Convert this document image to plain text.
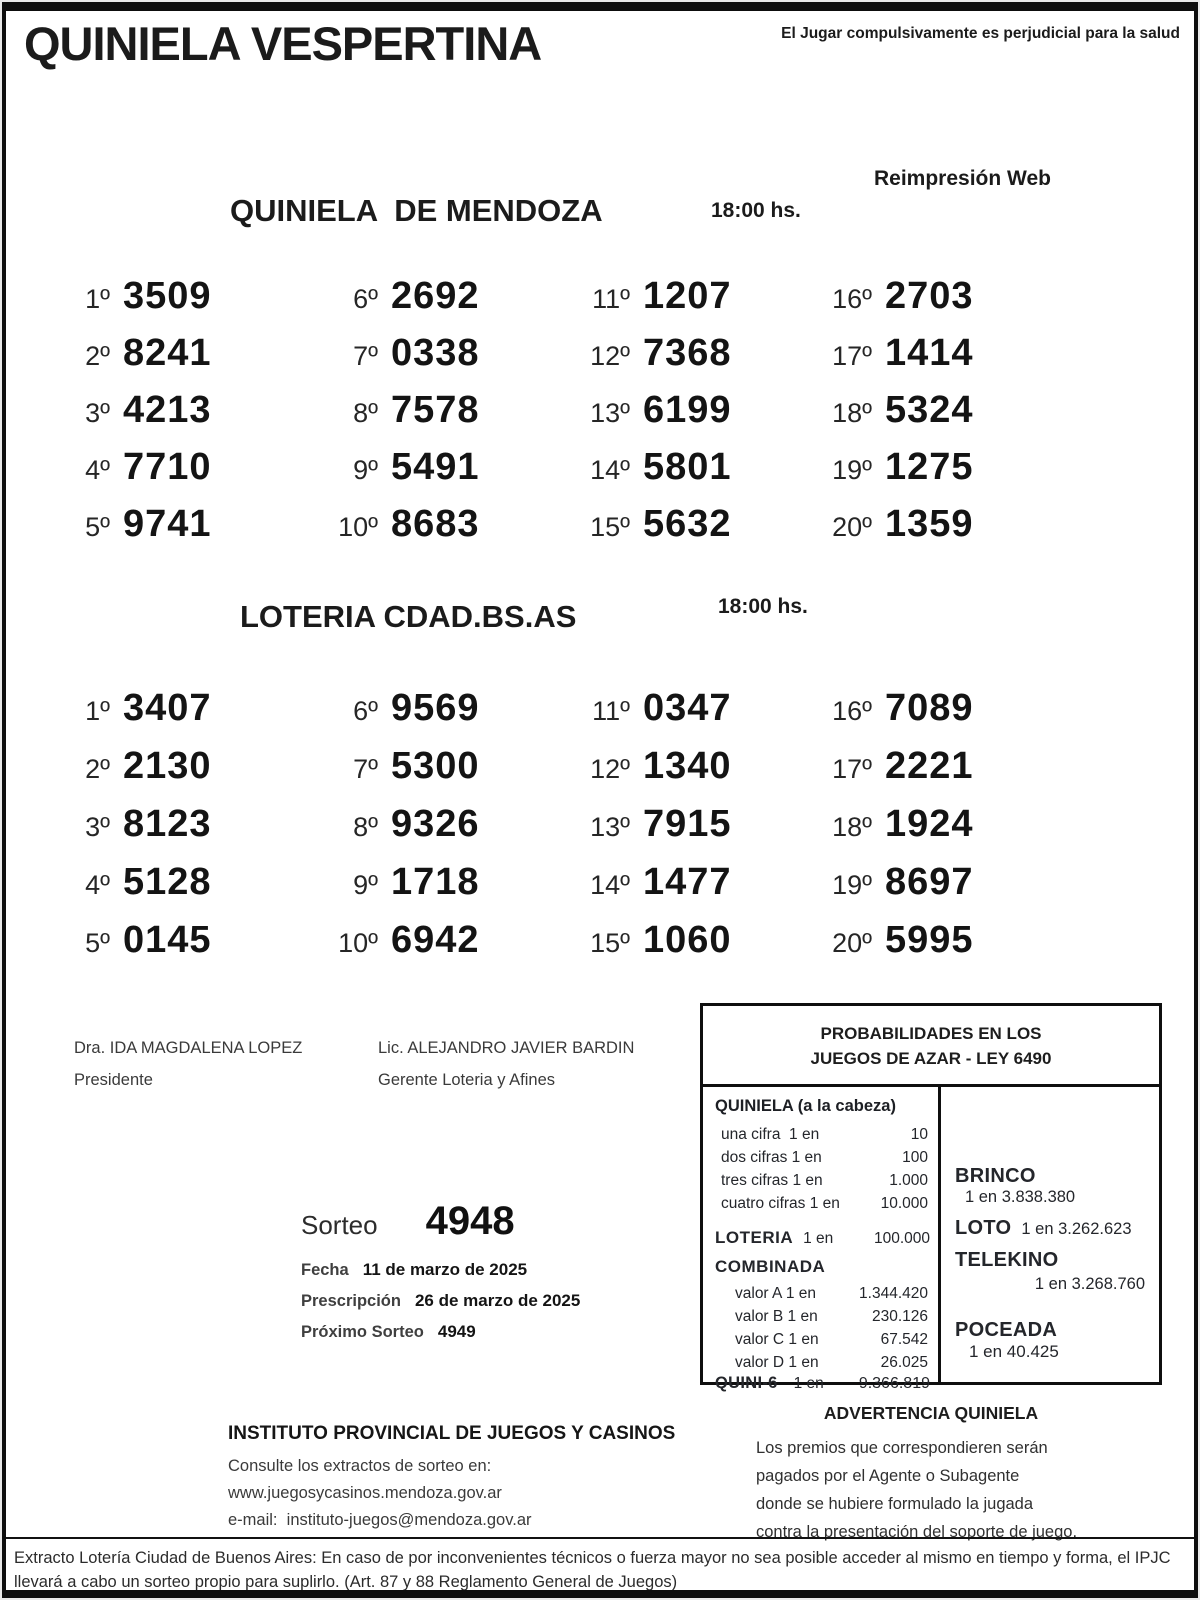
QUINIELA VESPERTINA	El Jugar compulsivamente es perjudicial para la salud
QUINIELA  DE MENDOZA	18:00 hs.
Reimpresión Web
1º 3509
2º 8241
3º 4213
4º 7710
5º 9741
6º 2692
7º 0338
8º 7578
9º 5491
10º 8683
11º 1207
12º 7368
13º 6199
14º 5801
15º 5632
16º 2703
17º 1414
18º 5324
19º 1275
20º 1359
LOTERIA CDAD.BS.AS	18:00 hs.
1º 3407
2º 2130
3º 8123
4º 5128
5º 0145
6º 9569
7º 5300
8º 9326
9º 1718
10º 6942
11º 0347
12º 1340
13º 7915
14º 1477
15º 1060
16º 7089
17º 2221
18º 1924
19º 8697
20º 5995
Dra. IDA MAGDALENA LOPEZ
Presidente
Lic. ALEJANDRO JAVIER BARDIN
Gerente Loteria y Afines
Sorteo 4948
Fecha 11 de marzo de 2025
Prescripción 26 de marzo de 2025
Próximo Sorteo 4949
PROBABILIDADES EN LOS
JUEGOS DE AZAR - LEY 6490
QUINIELA (a la cabeza)
una cifra  1 en	10
dos cifras 1 en	100
tres cifras 1 en	1.000
cuatro cifras 1 en	10.000
LOTERIA 1 en	100.000
COMBINADA
valor A 1 en	1.344.420
valor B 1 en	230.126
valor C 1 en	67.542
valor D 1 en	26.025
QUINI-6 1 en	9.366.819
BRINCO
1 en 3.838.380
LOTO 1 en 3.262.623
TELEKINO
1 en 3.268.760
POCEADA
1 en 40.425
ADVERTENCIA QUINIELA
Los premios que correspondieren serán
pagados por el Agente o Subagente
donde se hubiere formulado la jugada
contra la presentación del soporte de juego.
INSTITUTO PROVINCIAL DE JUEGOS Y CASINOS
Consulte los extractos de sorteo en:
www.juegosycasinos.mendoza.gov.ar
e-mail:  instituto-juegos@mendoza.gov.ar
Extracto Lotería Ciudad de Buenos Aires: En caso de por inconvenientes técnicos o fuerza mayor no sea posible acceder al mismo en tiempo y forma, el IPJC llevará a cabo un sorteo propio para suplirlo. (Art. 87 y 88 Reglamento General de Juegos)
